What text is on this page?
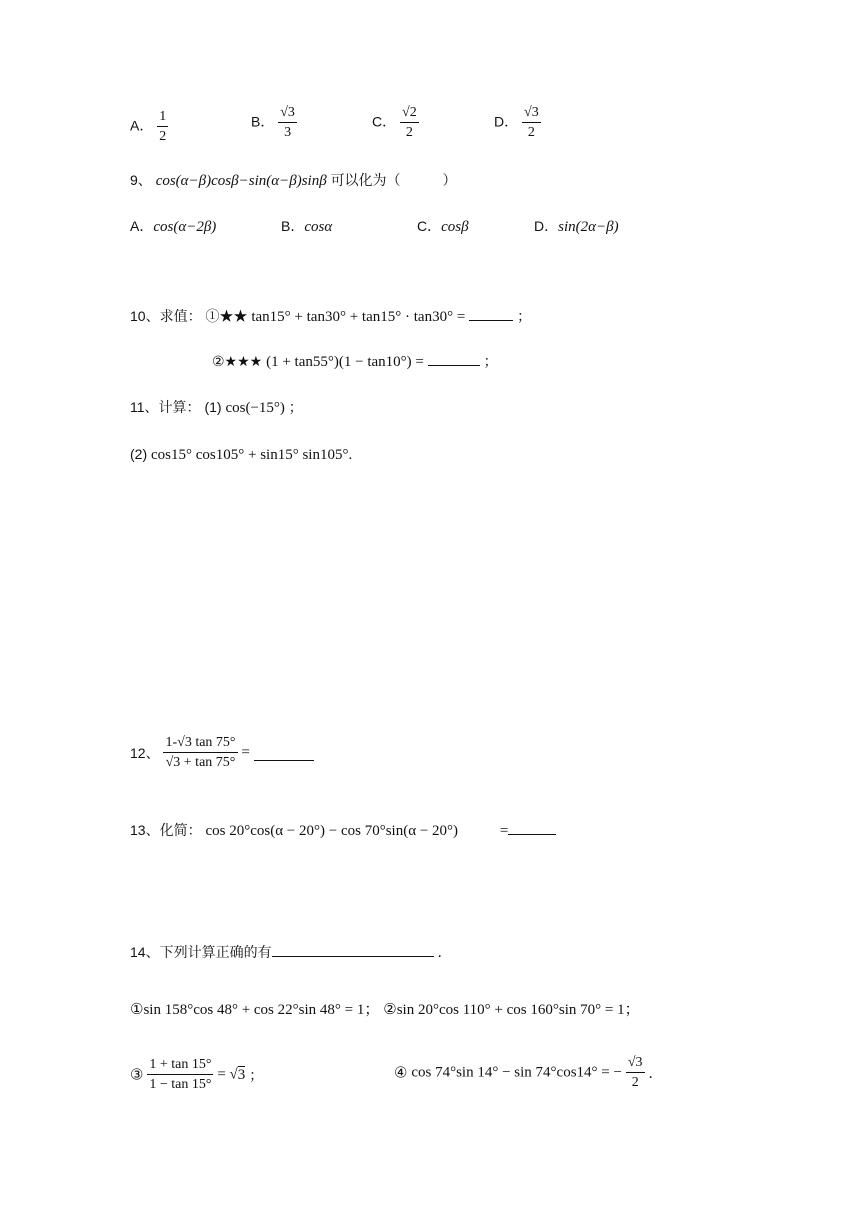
A． $\frac{1}{2}$	B． $\frac{√3}{3}$	C． $\frac{√2}{2}$	D． $\frac{√3}{2}$
9、 cos(α−β)cosβ−sin(α−β)sinβ 可以化为（　　　）
A．cos(α−2β)	B．cosα	C．cosβ	D．sin(2α−β)
10、求值： ①★★ tan15° + tan30° + tan15° · tan30° =	；
②★★★ (1 + tan55°)(1 − tan10°) =	；
11、计算： (1) cos(−15°) ；
(2) cos15° cos105° + sin15° sin105°.
12、 $\frac{1-√3 \tan 75^\circ}{√3 + \tan 75^\circ}$ =
13、化简： cos 20°cos(α − 20°) − cos 70°sin(α − 20°)	=
14、下列计算正确的有	．
①sin 158°cos 48° + cos 22°sin 48° = 1； ②sin 20°cos 110° + cos 160°sin 70° = 1；
③ $\frac{1 + \tan 15^\circ}{1 - \tan 15^\circ} = √3$ ；	④ cos 74°sin 14° − sin 74°cos14° = − $\frac{√3}{2}$ ．
